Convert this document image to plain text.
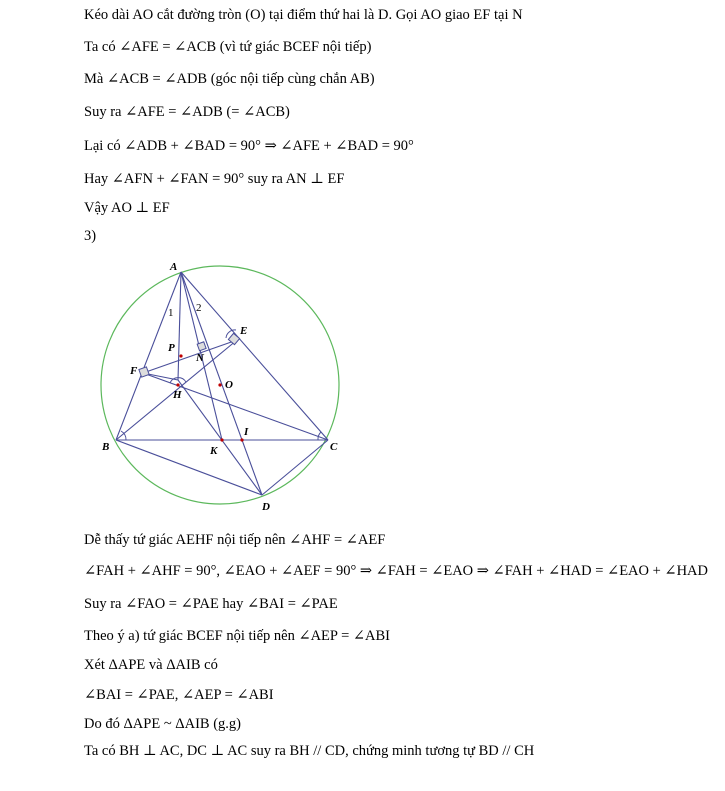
Kéo dài AO cắt đường tròn (O) tại điểm thứ hai là D. Gọi AO giao EF tại N
Ta có ∠AFE = ∠ACB (vì tứ giác BCEF nội tiếp)
Mà ∠ACB = ∠ADB (góc nội tiếp cùng chắn AB)
Suy ra ∠AFE = ∠ADB (= ∠ACB)
Lại có ∠ADB + ∠BAD = 90° ⇒ ∠AFE + ∠BAD = 90°
Hay ∠AFN + ∠FAN = 90° suy ra AN ⊥ EF
Vậy AO ⊥ EF
3)
A
B	C
D
E
F
H
K
I
N
P
O
1 2
Dễ thấy tứ giác AEHF nội tiếp nên ∠AHF = ∠AEF
∠FAH + ∠AHF = 90°, ∠EAO + ∠AEF = 90° ⇒ ∠FAH = ∠EAO ⇒ ∠FAH + ∠HAD = ∠EAO + ∠HAD
Suy ra ∠FAO = ∠PAE hay ∠BAI = ∠PAE
Theo ý a) tứ giác BCEF nội tiếp nên ∠AEP = ∠ABI
Xét ΔAPE và ΔAIB có
∠BAI = ∠PAE, ∠AEP = ∠ABI
Do đó ΔAPE ~ ΔAIB (g.g)
Ta có BH ⊥ AC, DC ⊥ AC suy ra BH // CD, chứng minh tương tự BD // CH
